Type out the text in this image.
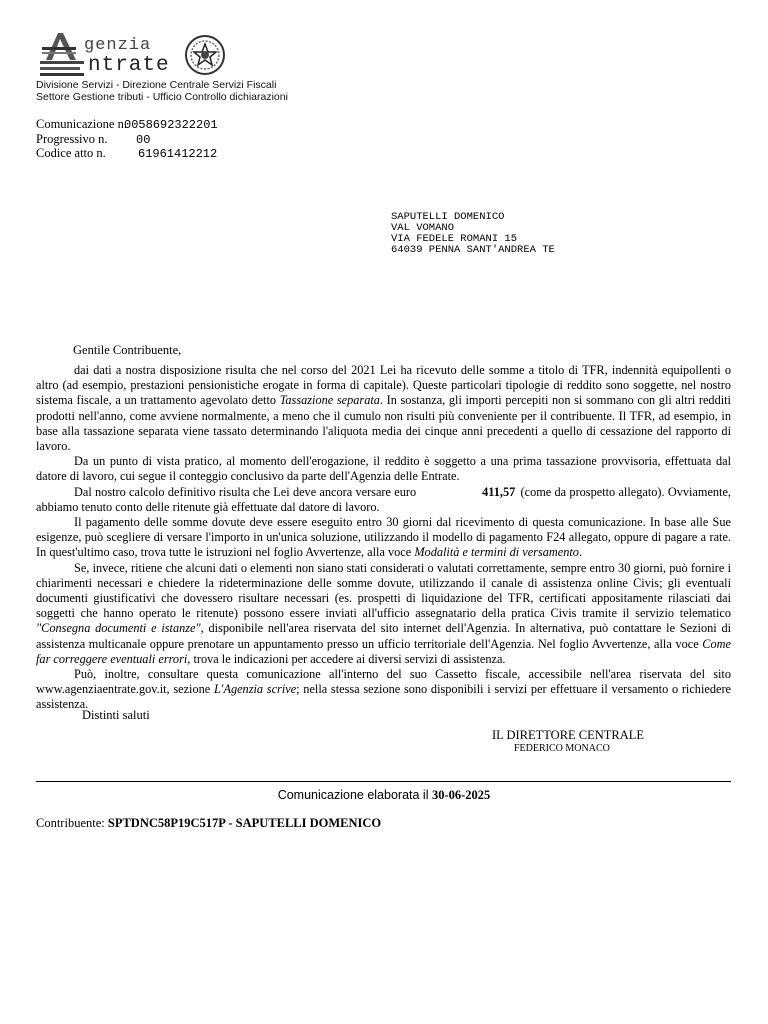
genzia
ntrate
Divisione Servizi - Direzione Centrale Servizi Fiscali
Settore Gestione tributi - Ufficio Controllo dichiarazioni
Comunicazione n.
0058692322201
Progressivo n. 00
Codice atto n.	61961412212
SAPUTELLI DOMENICO
VAL VOMANO
VIA FEDELE ROMANI 15
64039 PENNA SANT'ANDREA TE
Gentile Contribuente,

dai dati a nostra disposizione risulta che nel corso del 2021 Lei ha ricevuto delle somme a titolo di TFR, indennità equipollenti o altro (ad esempio, prestazioni pensionistiche erogate in forma di capitale). Queste particolari tipologie di reddito sono soggette, nel nostro sistema fiscale, a un trattamento agevolato detto Tassazione separata. In sostanza, gli importi percepiti non si sommano con gli altri redditi prodotti nell'anno, come avviene normalmente, a meno che il cumulo non risulti più conveniente per il contribuente. Il TFR, ad esempio, in base alla tassazione separata viene tassato determinando l'aliquota media dei cinque anni precedenti a quello di cessazione del rapporto di lavoro.

Da un punto di vista pratico, al momento dell'erogazione, il reddito è soggetto a una prima tassazione provvisoria, effettuata dal datore di lavoro, cui segue il conteggio conclusivo da parte dell'Agenzia delle Entrate.

Dal nostro calcolo definitivo risulta che Lei deve ancora versare euro	411,57 (come da prospetto allegato). Ovviamente, abbiamo tenuto conto delle ritenute già effettuate dal datore di lavoro.

Il pagamento delle somme dovute deve essere eseguito entro 30 giorni dal ricevimento di questa comunicazione. In base alle Sue esigenze, può scegliere di versare l'importo in un'unica soluzione, utilizzando il modello di pagamento F24 allegato, oppure di pagare a rate. In quest'ultimo caso, trova tutte le istruzioni nel foglio Avvertenze, alla voce Modalità e termini di versamento.

Se, invece, ritiene che alcuni dati o elementi non siano stati considerati o valutati correttamente, sempre entro 30 giorni, può fornire i chiarimenti necessari e chiedere la rideterminazione delle somme dovute, utilizzando il canale di assistenza online Civis; gli eventuali documenti giustificativi che dovessero risultare necessari (es. prospetti di liquidazione del TFR, certificati appositamente rilasciati dai soggetti che hanno operato le ritenute) possono essere inviati all'ufficio assegnatario della pratica Civis tramite il servizio telematico "Consegna documenti e istanze", disponibile nell'area riservata del sito internet dell'Agenzia. In alternativa, può contattare le Sezioni di assistenza multicanale oppure prenotare un appuntamento presso un ufficio territoriale dell'Agenzia. Nel foglio Avvertenze, alla voce Come far correggere eventuali errori, trova le indicazioni per accedere ai diversi servizi di assistenza.

Può, inoltre, consultare questa comunicazione all'interno del suo Cassetto fiscale, accessibile nell'area riservata del sito www.agenziaentrate.gov.it, sezione L'Agenzia scrive; nella stessa sezione sono disponibili i servizi per effettuare il versamento o richiedere assistenza.

Distinti saluti
IL DIRETTORE CENTRALE
FEDERICO MONACO
Comunicazione elaborata il 30-06-2025
Contribuente: SPTDNC58P19C517P - SAPUTELLI DOMENICO
